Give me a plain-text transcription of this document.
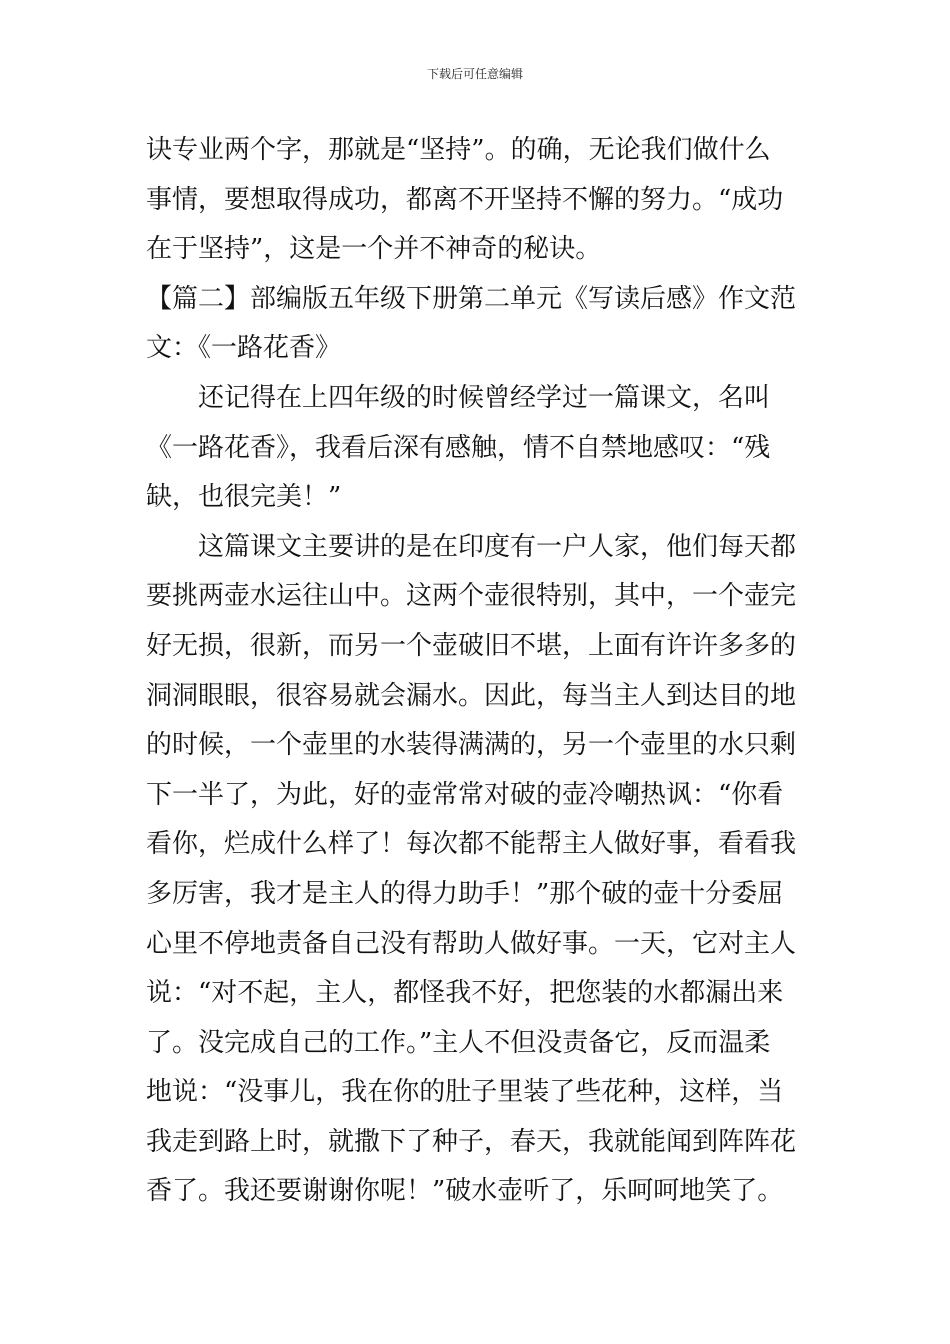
下载后可任意编辑
诀专业两个字，那就是“坚持”。的确，无论我们做什么
事情，要想取得成功，都离不开坚持不懈的努力。“成功
在于坚持”，这是一个并不神奇的秘诀。
【篇二】部编版五年级下册第二单元《写读后感》作文范
文：《一路花香》
还记得在上四年级的时候曾经学过一篇课文，名叫
《一路花香》，我看后深有感触，情不自禁地感叹：“残
缺，也很完美！”
这篇课文主要讲的是在印度有一户人家，他们每天都
要挑两壶水运往山中。这两个壶很特别，其中，一个壶完
好无损，很新，而另一个壶破旧不堪，上面有许许多多的
洞洞眼眼，很容易就会漏水。因此，每当主人到达目的地
的时候，一个壶里的水装得满满的，另一个壶里的水只剩
下一半了，为此，好的壶常常对破的壶冷嘲热讽：“你看
看你，烂成什么样了！每次都不能帮主人做好事，看看我
多厉害，我才是主人的得力助手！”那个破的壶十分委屈
心里不停地责备自己没有帮助人做好事。一天，它对主人
说：“对不起，主人，都怪我不好，把您装的水都漏出来
了。没完成自己的工作。”主人不但没责备它，反而温柔
地说：“没事儿，我在你的肚子里装了些花种，这样，当
我走到路上时，就撒下了种子，春天，我就能闻到阵阵花
香了。我还要谢谢你呢！”破水壶听了，乐呵呵地笑了。
